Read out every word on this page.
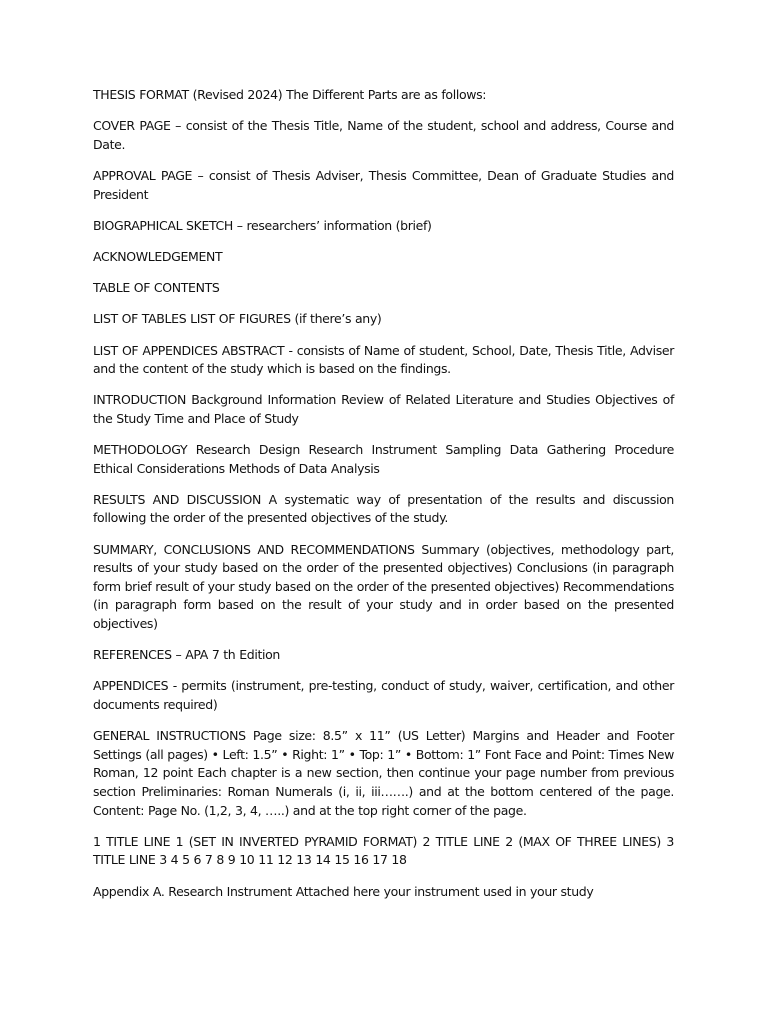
THESIS FORMAT (Revised 2024) The Different Parts are as follows:

COVER PAGE – consist of the Thesis Title, Name of the student, school and address, Course and Date.

APPROVAL PAGE – consist of Thesis Adviser, Thesis Committee, Dean of Graduate Studies and President

BIOGRAPHICAL SKETCH – researchers’ information (brief)

ACKNOWLEDGEMENT

TABLE OF CONTENTS

LIST OF TABLES LIST OF FIGURES (if there’s any)

LIST OF APPENDICES ABSTRACT - consists of Name of student, School, Date, Thesis Title, Adviser and the content of the study which is based on the findings.

INTRODUCTION Background Information Review of Related Literature and Studies Objectives of the Study Time and Place of Study

METHODOLOGY Research Design Research Instrument Sampling Data Gathering Procedure Ethical Considerations Methods of Data Analysis

RESULTS AND DISCUSSION A systematic way of presentation of the results and discussion following the order of the presented objectives of the study.

SUMMARY, CONCLUSIONS AND RECOMMENDATIONS Summary (objectives, methodology part, results of your study based on the order of the presented objectives) Conclusions (in paragraph form brief result of your study based on the order of the presented objectives) Recommendations (in paragraph form based on the result of your study and in order based on the presented objectives)

REFERENCES – APA 7 th Edition

APPENDICES - permits (instrument, pre-testing, conduct of study, waiver, certification, and other documents required)

GENERAL INSTRUCTIONS Page size: 8.5” x 11” (US Letter) Margins and Header and Footer Settings (all pages) • Left: 1.5” • Right: 1” • Top: 1” • Bottom: 1” Font Face and Point: Times New Roman, 12 point Each chapter is a new section, then continue your page number from previous section Preliminaries: Roman Numerals (i, ii, iii…….) and at the bottom centered of the page. Content: Page No. (1,2, 3, 4, …..) and at the top right corner of the page.

1 TITLE LINE 1 (SET IN INVERTED PYRAMID FORMAT) 2 TITLE LINE 2 (MAX OF THREE LINES) 3 TITLE LINE 3 4 5 6 7 8 9 10 11 12 13 14 15 16 17 18

Appendix A. Research Instrument Attached here your instrument used in your study
